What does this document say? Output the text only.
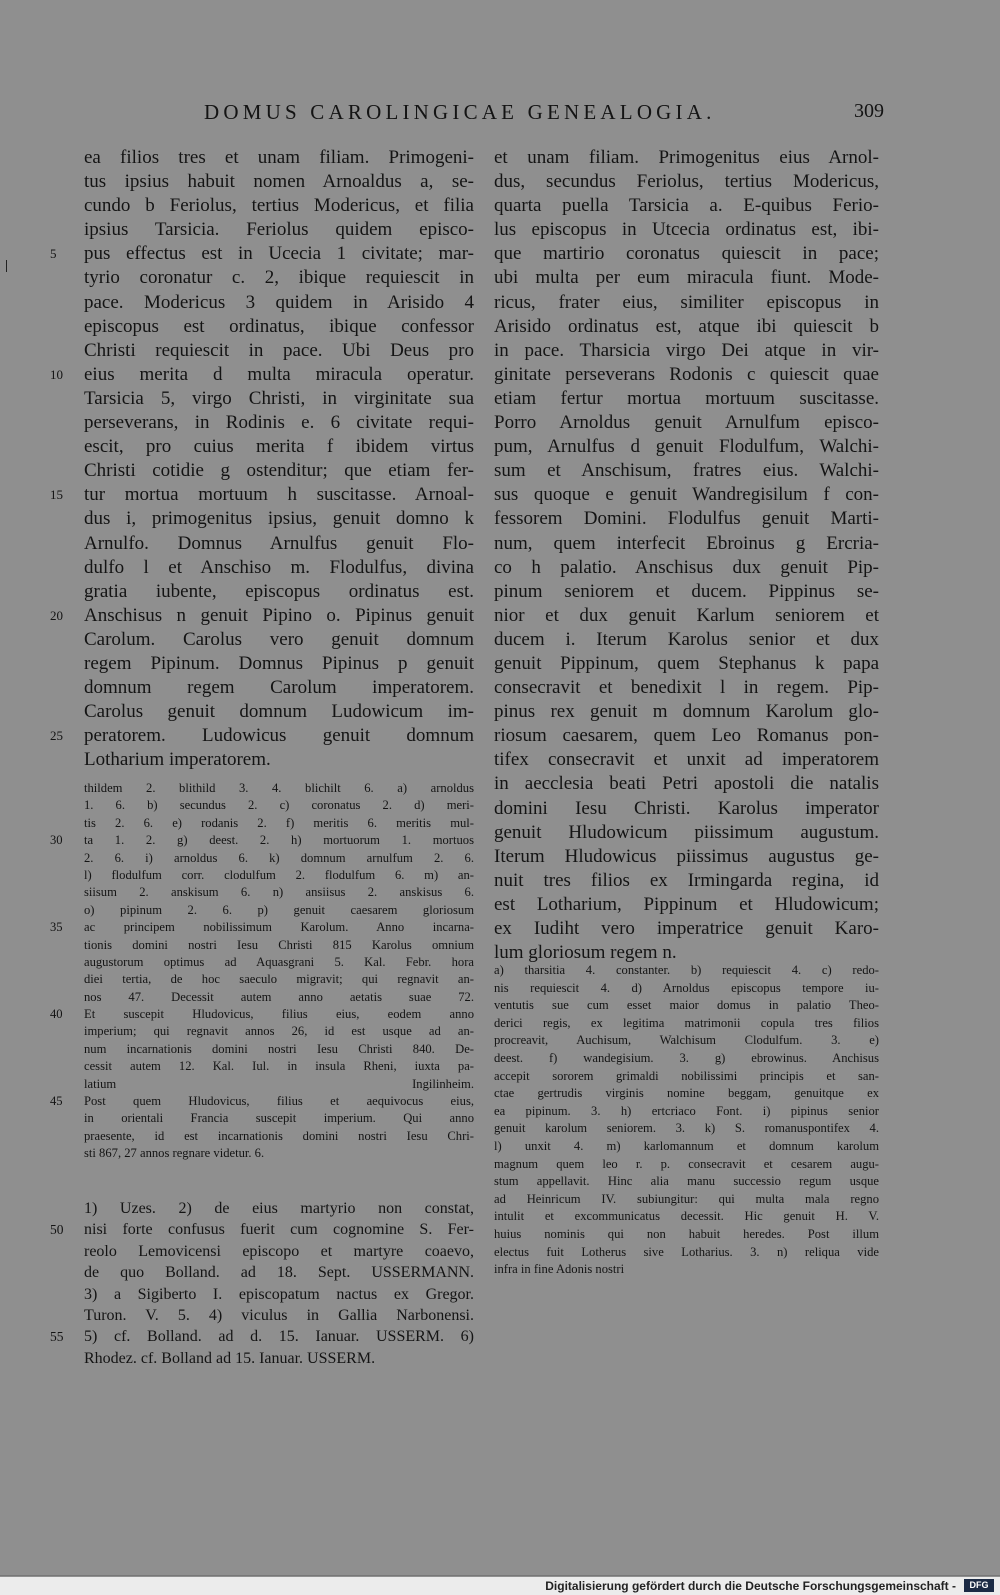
DOMUS CAROLINGICAE GENEALOGIA.	309
ea filios tres et unam filiam. Primogeni-
tus ipsius habuit nomen Arnoaldus a, se-
cundo b Feriolus, tertius Modericus, et filia
ipsius Tarsicia. Feriolus quidem episco-
5	pus effectus est in Ucecia 1 civitate; mar-
tyrio coronatur c. 2, ibique requiescit in
pace. Modericus 3 quidem in Arisido 4
episcopus est ordinatus, ibique confessor
Christi requiescit in pace. Ubi Deus pro
10	eius merita d multa miracula operatur.
Tarsicia 5, virgo Christi, in virginitate sua
perseverans, in Rodinis e. 6 civitate requi-
escit, pro cuius merita f ibidem virtus
Christi cotidie g ostenditur; que etiam fer-
15	tur mortua mortuum h suscitasse. Arnoal-
dus i, primogenitus ipsius, genuit domno k
Arnulfo. Domnus Arnulfus genuit Flo-
dulfo l et Anschiso m. Flodulfus, divina
gratia iubente, episcopus ordinatus est.
20	Anschisus n genuit Pipino o. Pipinus genuit
Carolum. Carolus vero genuit domnum
regem Pipinum. Domnus Pipinus p genuit
domnum regem Carolum imperatorem.
Carolus genuit domnum Ludowicum im-
25	peratorem. Ludowicus genuit domnum
Lotharium imperatorem.
thildem 2. blithild 3. 4. blichilt 6. a) arnoldus
1. 6. b) secundus 2. c) coronatus 2. d) meri-
tis 2. 6. e) rodanis 2. f) meritis 6. meritis mul-
30	ta 1. 2. g) deest. 2. h) mortuorum 1. mortuos
2. 6. i) arnoldus 6. k) domnum arnulfum 2. 6.
l) flodulfum corr. clodulfum 2. flodulfum 6. m) an-
siisum 2. anskisum 6. n) ansiisus 2. anskisus 6.
o) pipinum 2. 6. p) genuit caesarem gloriosum
35	ac principem nobilissimum Karolum. Anno incarna-
tionis domini nostri Iesu Christi 815 Karolus omnium
augustorum optimus ad Aquasgrani 5. Kal. Febr. hora
diei tertia, de hoc saeculo migravit; qui regnavit an-
nos 47. Decessit autem anno aetatis suae 72.
40	Et suscepit Hludovicus, filius eius, eodem anno
imperium; qui regnavit annos 26, id est usque ad an-
num incarnationis domini nostri Iesu Christi 840. De-
cessit autem 12. Kal. Iul. in insula Rheni, iuxta pa-
latium Ingilinheim.
45	Post quem Hludovicus, filius et aequivocus eius,
in orientali Francia suscepit imperium. Qui anno
praesente, id est incarnationis domini nostri Iesu Chri-
sti 867, 27 annos regnare videtur. 6.
1) Uzes. 2) de eius martyrio non constat,
50	nisi forte confusus fuerit cum cognomine S. Fer-
reolo Lemovicensi episcopo et martyre coaevo,
de quo Bolland. ad 18. Sept. USSERMANN.
3) a Sigiberto I. episcopatum nactus ex Gregor.
Turon. V. 5. 4) viculus in Gallia Narbonensi.
55	5) cf. Bolland. ad d. 15. Ianuar. USSERM. 6)
Rhodez. cf. Bolland ad 15. Ianuar. USSERM.
et unam filiam. Primogenitus eius Arnol-
dus, secundus Feriolus, tertius Modericus,
quarta puella Tarsicia a. E-quibus Ferio-
lus episcopus in Utcecia ordinatus est, ibi-
que martirio coronatus quiescit in pace;
ubi multa per eum miracula fiunt. Mode-
ricus, frater eius, similiter episcopus in
Arisido ordinatus est, atque ibi quiescit b
in pace. Tharsicia virgo Dei atque in vir-
ginitate perseverans Rodonis c quiescit quae
etiam fertur mortua mortuum suscitasse.
Porro Arnoldus genuit Arnulfum episco-
pum, Arnulfus d genuit Flodulfum, Walchi-
sum et Anschisum, fratres eius. Walchi-
sus quoque e genuit Wandregisilum f con-
fessorem Domini. Flodulfus genuit Marti-
num, quem interfecit Ebroinus g Ercria-
co h palatio. Anschisus dux genuit Pip-
pinum seniorem et ducem. Pippinus se-
nior et dux genuit Karlum seniorem et
ducem i. Iterum Karolus senior et dux
genuit Pippinum, quem Stephanus k papa
consecravit et benedixit l in regem. Pip-
pinus rex genuit m domnum Karolum glo-
riosum caesarem, quem Leo Romanus pon-
tifex consecravit et unxit ad imperatorem
in aecclesia beati Petri apostoli die natalis
domini Iesu Christi. Karolus imperator
genuit Hludowicum piissimum augustum.
Iterum Hludowicus piissimus augustus ge-
nuit tres filios ex Irmingarda regina, id
est Lotharium, Pippinum et Hludowicum;
ex Iudiht vero imperatrice genuit Karo-
lum gloriosum regem n.
a) tharsitia 4. constanter. b) requiescit 4. c) redo-
nis requiescit 4. d) Arnoldus episcopus tempore iu-
ventutis sue cum esset maior domus in palatio Theo-
derici regis, ex legitima matrimonii copula tres filios
procreavit, Auchisum, Walchisum Clodulfum. 3. e)
deest. f) wandegisium. 3. g) ebrowinus. Anchisus
accepit sororem grimaldi nobilissimi principis et san-
ctae gertrudis virginis nomine beggam, genuitque ex
ea pipinum. 3. h) ertcriaco Font. i) pipinus senior
genuit karolum seniorem. 3. k) S. romanuspontifex 4.
l) unxit 4. m) karlomannum et domnum karolum
magnum quem leo r. p. consecravit et cesarem augu-
stum appellavit. Hinc alia manu successio regum usque
ad Heinricum IV. subiungitur: qui multa mala regno
intulit et excommunicatus decessit. Hic genuit H. V.
huius nominis qui non habuit heredes. Post illum
electus fuit Lotherus sive Lotharius. 3. n) reliqua vide
infra in fine Adonis nostri
Digitalisierung gefördert durch die Deutsche Forschungsgemeinschaft -	DFG
